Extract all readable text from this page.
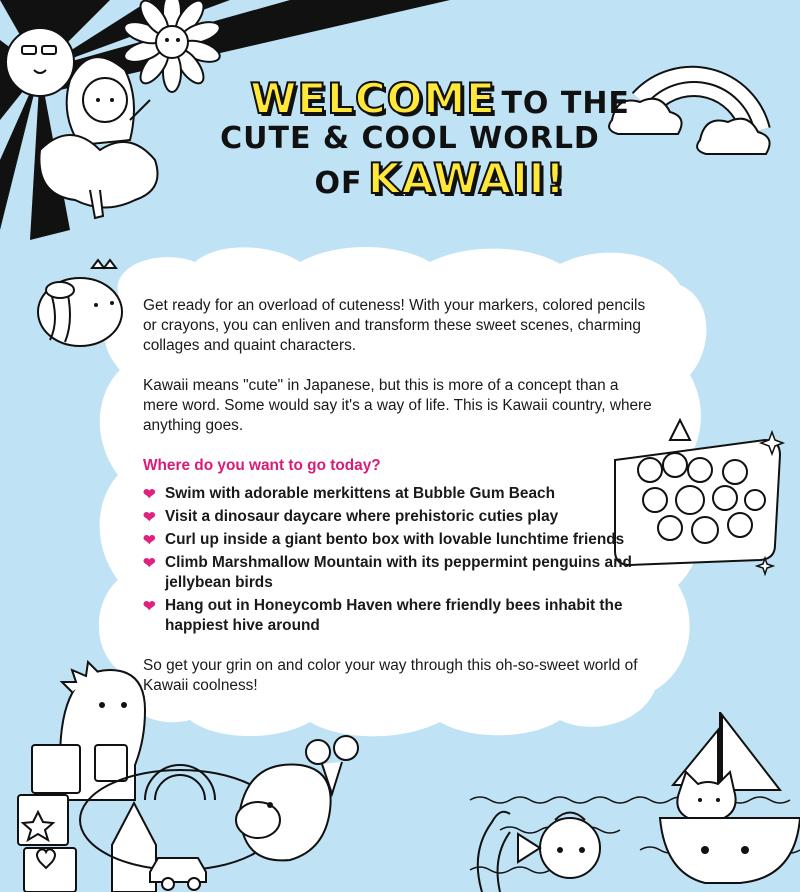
WELCOME TO THE
CUTE & COOL WORLD
OF KAWAII!

Get ready for an overload of cuteness! With your markers, colored pencils or crayons, you can enliven and transform these sweet scenes, charming collages and quaint characters.

Kawaii means "cute" in Japanese, but this is more of a concept than a mere word. Some would say it's a way of life. This is Kawaii country, where anything goes.

Where do you want to go today?
❤ Swim with adorable merkittens at Bubble Gum Beach
❤ Visit a dinosaur daycare where prehistoric cuties play
❤ Curl up inside a giant bento box with lovable lunchtime friends
❤ Climb Marshmallow Mountain with its peppermint penguins and jellybean birds
❤ Hang out in Honeycomb Haven where friendly bees inhabit the happiest hive around

So get your grin on and color your way through this oh-so-sweet world of Kawaii coolness!
